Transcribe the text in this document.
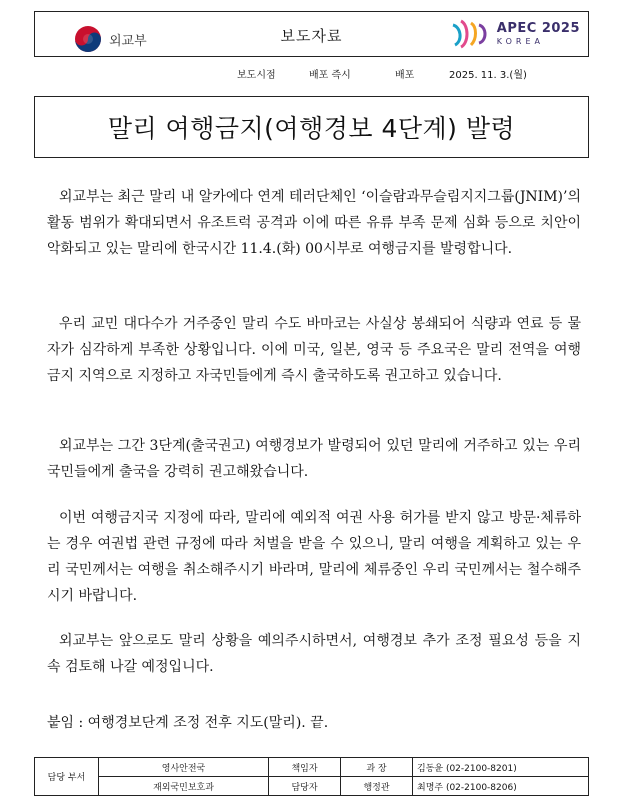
외교부	보도자료	APEC 2025
KOREA
보도시점	배포 즉시	배포	2025. 11. 3.(월)
말리 여행금지(여행경보 4단계) 발령

외교부는 최근 말리 내 알카에다 연계 테러단체인 ‘이슬람과무슬림지지그룹(JNIM)’의 활동 범위가 확대되면서 유조트럭 공격과 이에 따른 유류 부족 문제 심화 등으로 치안이 악화되고 있는 말리에 한국시간 11.4.(화) 00시부로 여행금지를 발령합니다.

우리 교민 대다수가 거주중인 말리 수도 바마코는 사실상 봉쇄되어 식량과 연료 등 물자가 심각하게 부족한 상황입니다. 이에 미국, 일본, 영국 등 주요국은 말리 전역을 여행금지 지역으로 지정하고 자국민들에게 즉시 출국하도록 권고하고 있습니다.

외교부는 그간 3단계(출국권고) 여행경보가 발령되어 있던 말리에 거주하고 있는 우리 국민들에게 출국을 강력히 권고해왔습니다.

이번 여행금지국 지정에 따라, 말리에 예외적 여권 사용 허가를 받지 않고 방문·체류하는 경우 여권법 관련 규정에 따라 처벌을 받을 수 있으니, 말리 여행을 계획하고 있는 우리 국민께서는 여행을 취소해주시기 바라며, 말리에 체류중인 우리 국민께서는 철수해주시기 바랍니다.

외교부는 앞으로도 말리 상황을 예의주시하면서, 여행경보 추가 조정 필요성 등을 지속 검토해 나갈 예정입니다.

붙임 : 여행경보단계 조정 전후 지도(말리). 끝.
담당 부서	영사안전국	책임자	과 장	김동윤 (02-2100-8201)
	재외국민보호과	담당자	행정관	최명주 (02-2100-8206)
